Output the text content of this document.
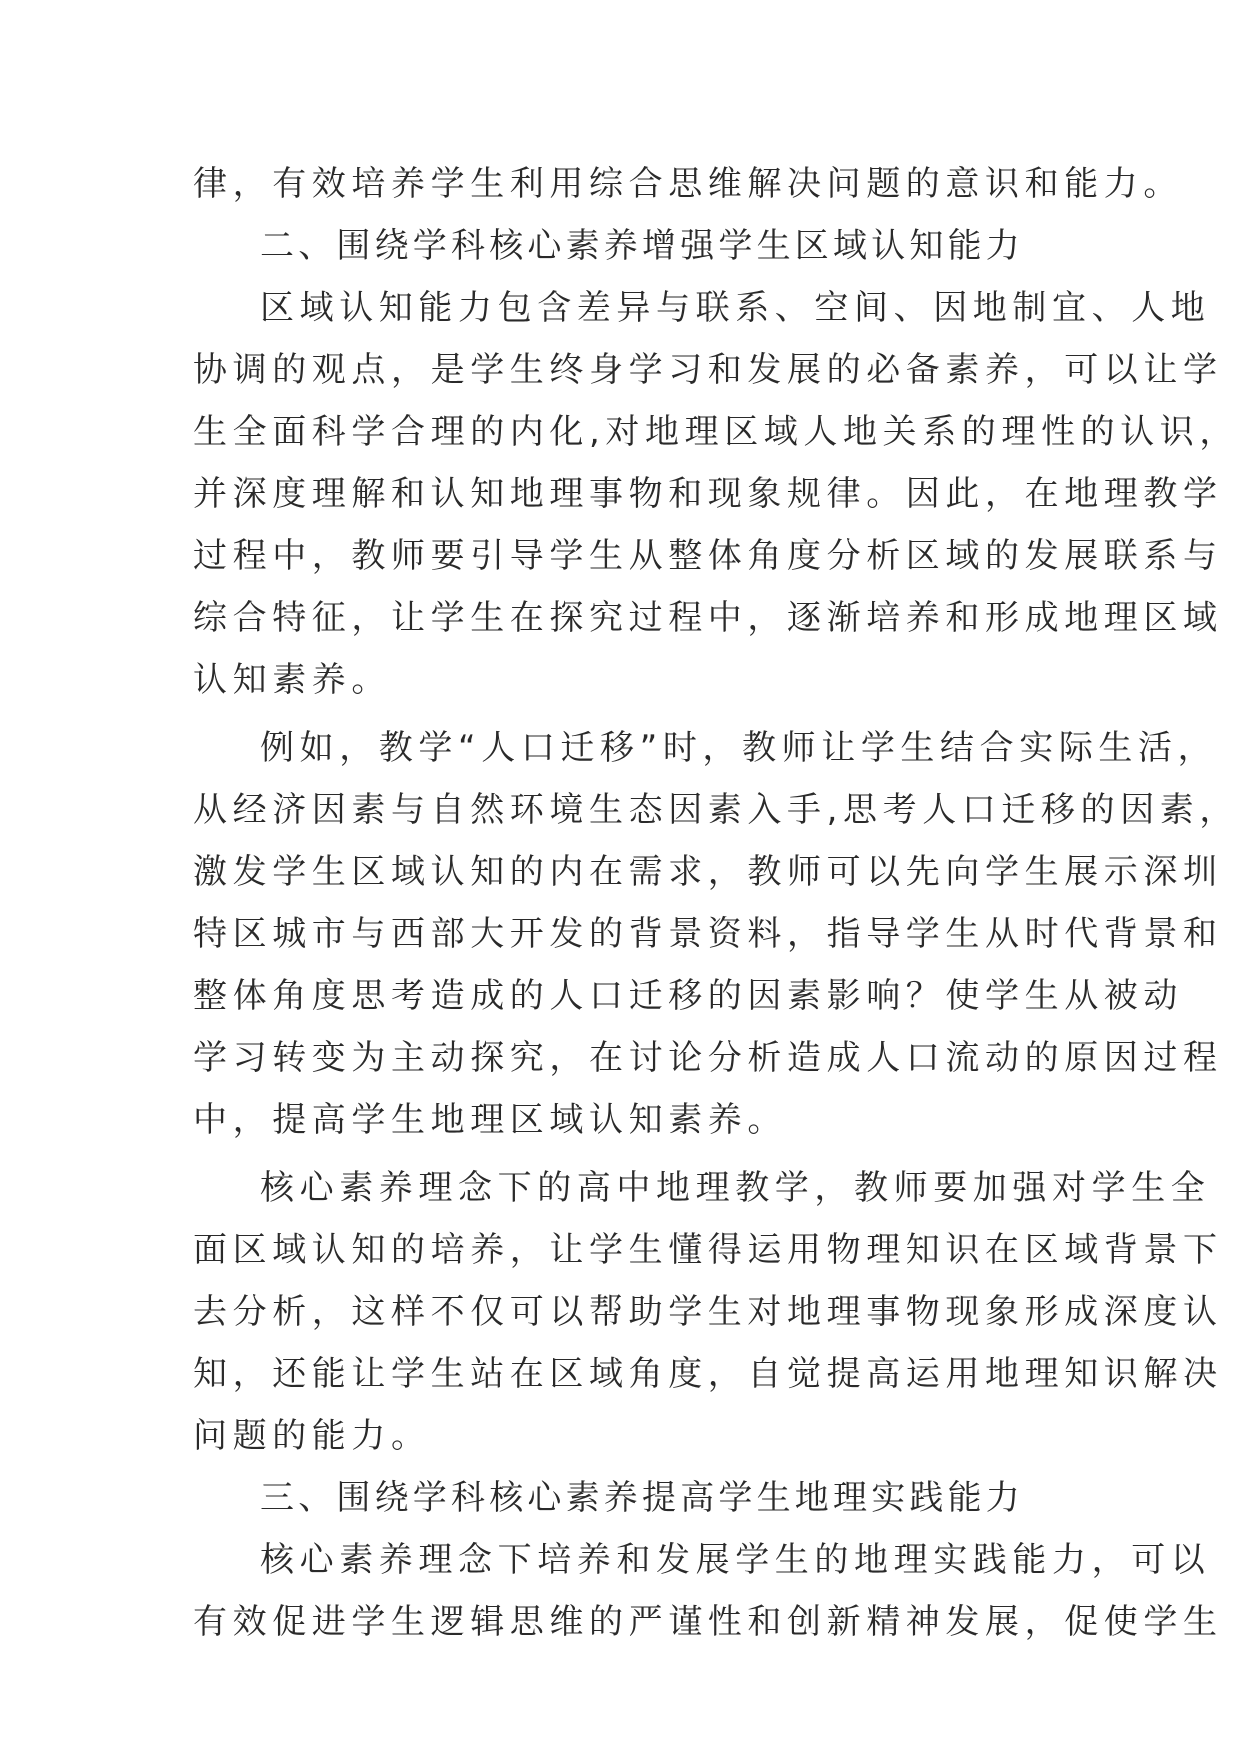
律，有效培养学生利用综合思维解决问题的意识和能力。
二、围绕学科核心素养增强学生区域认知能力
区域认知能力包含差异与联系、空间、因地制宜、人地
协调的观点，是学生终身学习和发展的必备素养，可以让学
生全面科学合理的内化,对地理区域人地关系的理性的认识，
并深度理解和认知地理事物和现象规律。因此，在地理教学
过程中，教师要引导学生从整体角度分析区域的发展联系与
综合特征，让学生在探究过程中，逐渐培养和形成地理区域
认知素养。
例如，教学“人口迁移”时，教师让学生结合实际生活，
从经济因素与自然环境生态因素入手,思考人口迁移的因素，
激发学生区域认知的内在需求，教师可以先向学生展示深圳
特区城市与西部大开发的背景资料，指导学生从时代背景和
整体角度思考造成的人口迁移的因素影响？使学生从被动
学习转变为主动探究，在讨论分析造成人口流动的原因过程
中，提高学生地理区域认知素养。
核心素养理念下的高中地理教学，教师要加强对学生全
面区域认知的培养，让学生懂得运用物理知识在区域背景下
去分析，这样不仅可以帮助学生对地理事物现象形成深度认
知，还能让学生站在区域角度，自觉提高运用地理知识解决
问题的能力。
三、围绕学科核心素养提高学生地理实践能力
核心素养理念下培养和发展学生的地理实践能力，可以
有效促进学生逻辑思维的严谨性和创新精神发展，促使学生
